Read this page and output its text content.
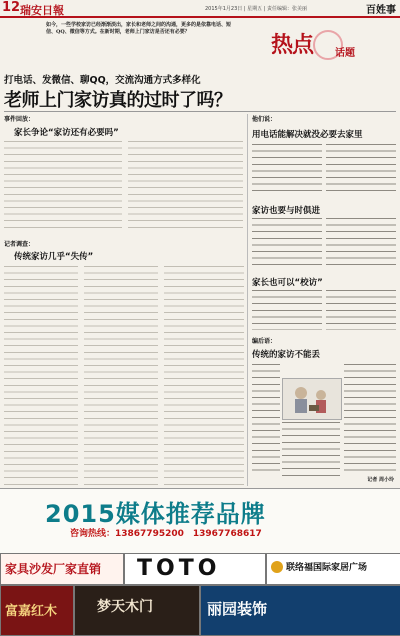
12 瑞安日報	2015年1月23日 | 星期五 | 责任编辑：张美丽	百姓事
如今，一些学校家访已经渐渐淡出，家长和老师之间的沟通，更多的是依靠电话、短信、QQ、微信等方式。在新时期，老师上门家访是否还有必要？
热点 话题
打电话、发微信、聊QQ，交流沟通方式多样化
老师上门家访真的过时了吗？
事件回放：
家长争论“家访还有必要吗”
记者调查：
传统家访几乎“失传”
他们说：
用电话能解决就没必要去家里
家访也要与时俱进
家长也可以“校访”
编后语：
传统的家访不能丢
记者 周小玲
2015媒体推荐品牌
咨询热线：13867795200　13967768617
家具沙发厂家直销 TOTO	联络福国际家居广场
富嘉红木	梦天木门	丽园装饰
